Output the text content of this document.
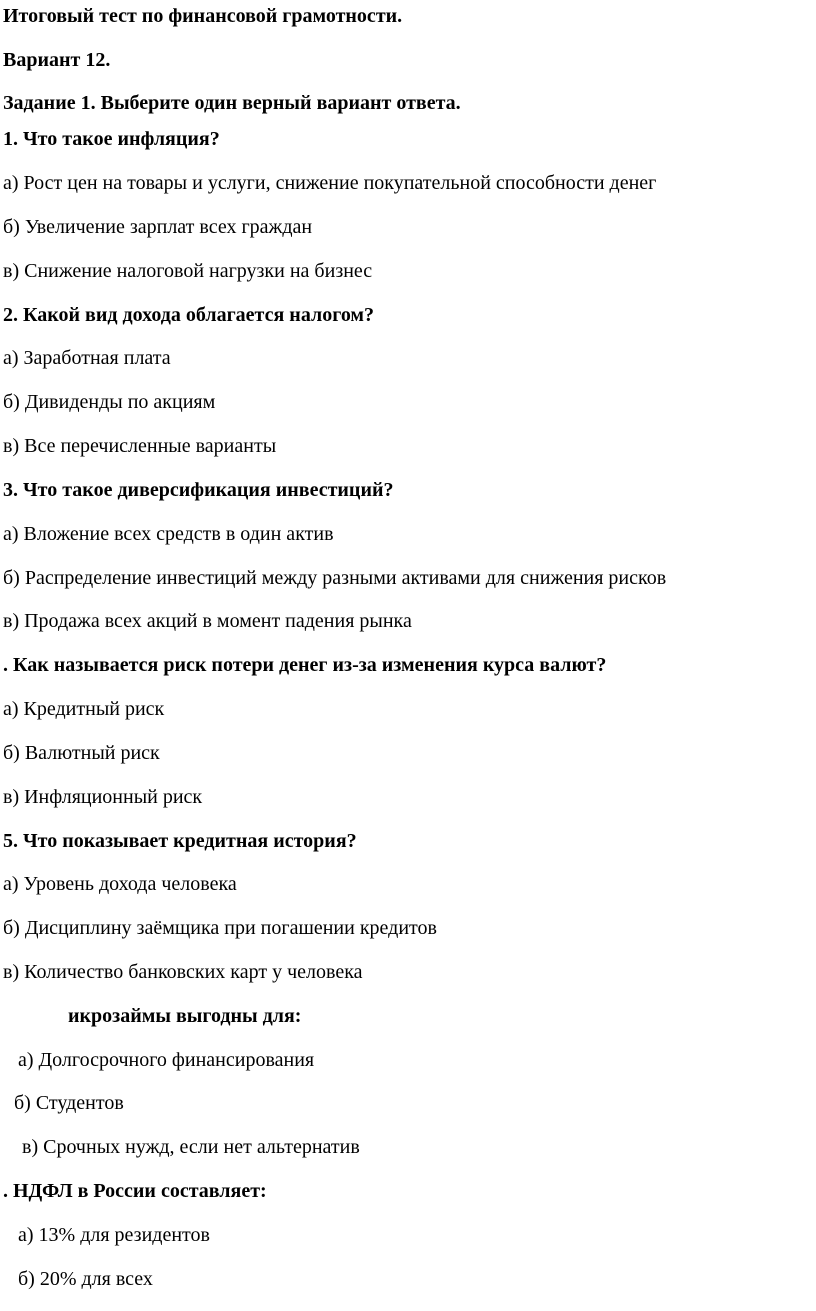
Итоговый тест по финансовой грамотности.
Вариант 12.
Задание 1. Выберите один верный вариант ответа.
1. Что такое инфляция?
а) Рост цен на товары и услуги, снижение покупательной способности денег
б) Увеличение зарплат всех граждан
в) Снижение налоговой нагрузки на бизнес
2. Какой вид дохода облагается налогом?
а) Заработная плата
б) Дивиденды по акциям
в) Все перечисленные варианты
3. Что такое диверсификация инвестиций?
а) Вложение всех средств в один актив
б) Распределение инвестиций между разными активами для снижения рисков
в) Продажа всех акций в момент падения рынка
. Как называется риск потери денег из-за изменения курса валют?
а) Кредитный риск
б) Валютный риск
в) Инфляционный риск
5. Что показывает кредитная история?
а) Уровень дохода человека
б) Дисциплину заёмщика при погашении кредитов
в) Количество банковских карт у человека
икрозаймы выгодны для:
а) Долгосрочного финансирования
б) Студентов
в) Срочных нужд, если нет альтернатив
. НДФЛ в России составляет:
а) 13% для резидентов
б) 20% для всех
